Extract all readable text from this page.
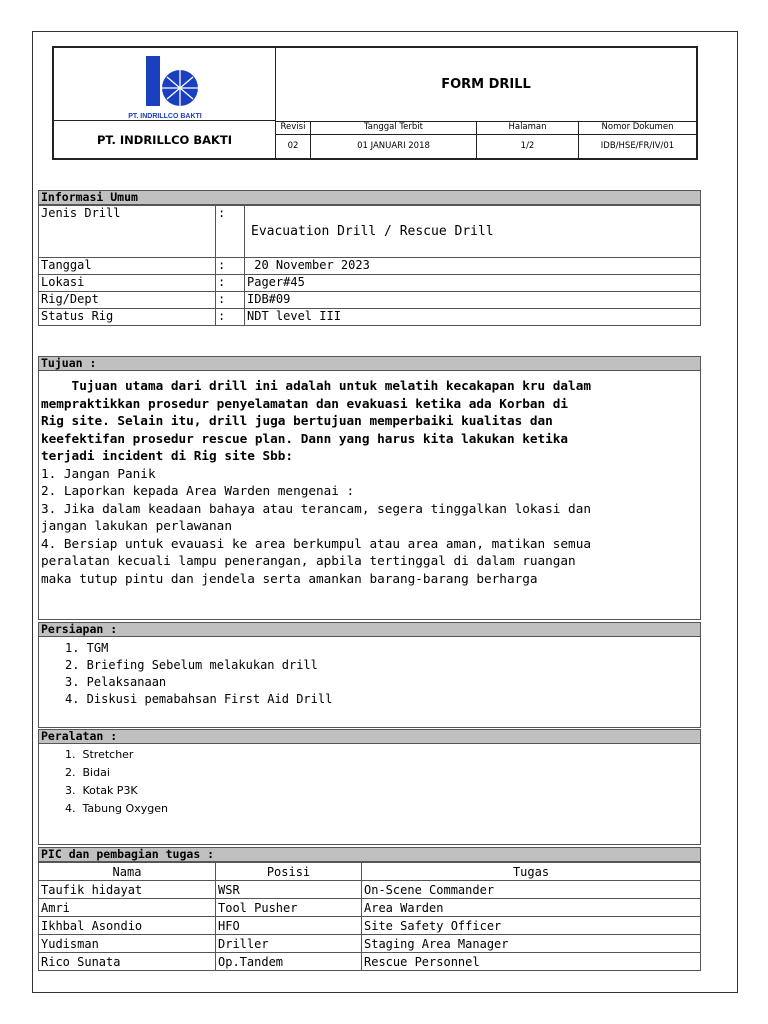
PT. INDRILLCO BAKTI
PT. INDRILLCO BAKTI
FORM DRILL
Revisi	Tanggal Terbit	Halaman	Nomor Dokumen
02	01 JANUARI 2018	1/2	IDB/HSE/FR/IV/01
Informasi Umum
Jenis Drill	:	Evacuation Drill / Rescue Drill
Tanggal	:	20 November 2023
Lokasi	:	Pager#45
Rig/Dept	:	IDB#09
Status Rig	:	NDT level III
Tujuan :
Tujuan utama dari drill ini adalah untuk melatih kecakapan kru dalam
mempraktikkan prosedur penyelamatan dan evakuasi ketika ada Korban di
Rig site. Selain itu, drill juga bertujuan memperbaiki kualitas dan
keefektifan prosedur rescue plan. Dann yang harus kita lakukan ketika
terjadi incident di Rig site Sbb:
1. Jangan Panik
2. Laporkan kepada Area Warden mengenai :
3. Jika dalam keadaan bahaya atau terancam, segera tinggalkan lokasi dan
jangan lakukan perlawanan
4. Bersiap untuk evauasi ke area berkumpul atau area aman, matikan semua
peralatan kecuali lampu penerangan, apbila tertinggal di dalam ruangan
maka tutup pintu dan jendela serta amankan barang-barang berharga
Persiapan :
1. TGM
2. Briefing Sebelum melakukan drill
3. Pelaksanaan
4. Diskusi pemabahsan First Aid Drill
Peralatan :
1.  Stretcher
2.  Bidai
3.  Kotak P3K
4.  Tabung Oxygen
PIC dan pembagian tugas :
Nama	Posisi	Tugas
Taufik hidayat	WSR	On-Scene Commander
Amri	Tool Pusher	Area Warden
Ikhbal Asondio	HFO	Site Safety Officer
Yudisman	Driller	Staging Area Manager
Rico Sunata	Op.Tandem	Rescue Personnel
